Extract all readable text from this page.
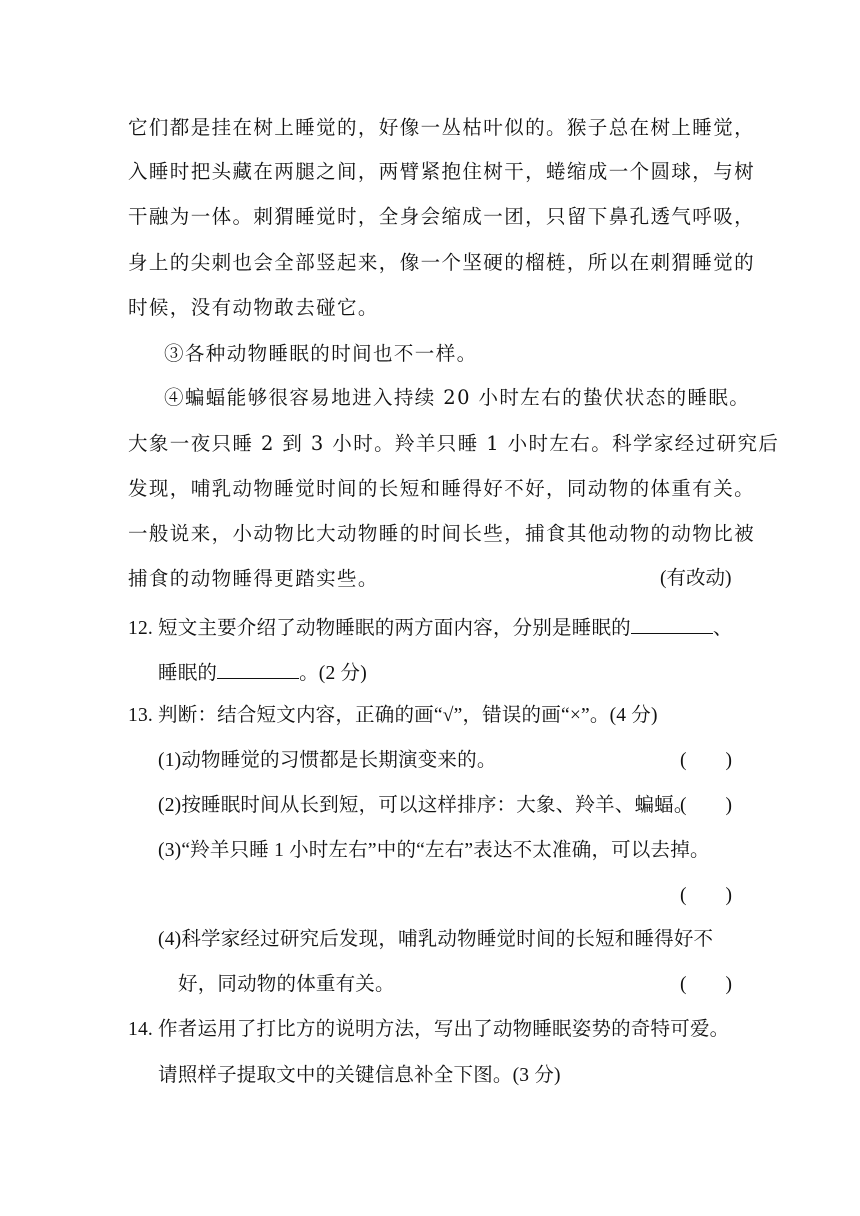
它们都是挂在树上睡觉的，好像一丛枯叶似的。猴子总在树上睡觉，
入睡时把头藏在两腿之间，两臂紧抱住树干，蜷缩成一个圆球，与树
干融为一体。刺猬睡觉时，全身会缩成一团，只留下鼻孔透气呼吸，
身上的尖刺也会全部竖起来，像一个坚硬的榴梿，所以在刺猬睡觉的
时候，没有动物敢去碰它。
③各种动物睡眠的时间也不一样。
④蝙蝠能够很容易地进入持续 20 小时左右的蛰伏状态的睡眠。
大象一夜只睡 2 到 3 小时。羚羊只睡 1 小时左右。科学家经过研究后
发现，哺乳动物睡觉时间的长短和睡得好不好，同动物的体重有关。
一般说来，小动物比大动物睡的时间长些，捕食其他动物的动物比被
捕食的动物睡得更踏实些。	(有改动)
12. 短文主要介绍了动物睡眠的两方面内容，分别是睡眠的	、
睡眠的	。(2 分)
13. 判断：结合短文内容，正确的画“√”，错误的画“×”。(4 分)
(1)动物睡觉的习惯都是长期演变来的。	(　　)
(2)按睡眠时间从长到短，可以这样排序：大象、羚羊、蝙蝠。
(　　)
(3)“羚羊只睡 1 小时左右”中的“左右”表达不太准确，可以去掉。
(　　)
(4)科学家经过研究后发现，哺乳动物睡觉时间的长短和睡得好不
好，同动物的体重有关。	(　　)
14. 作者运用了打比方的说明方法，写出了动物睡眠姿势的奇特可爱。
请照样子提取文中的关键信息补全下图。(3 分)
